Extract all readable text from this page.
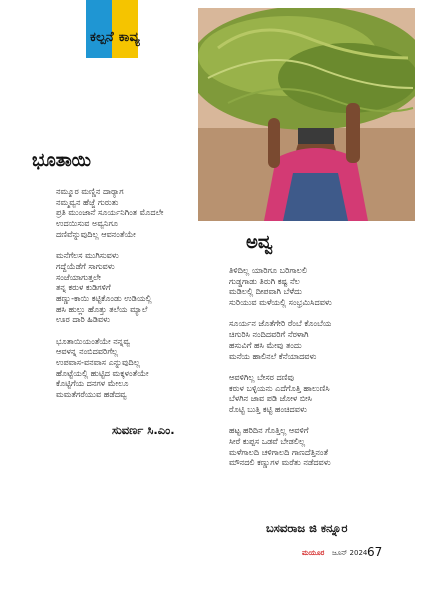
ಕಲ್ಪನೆ ಕಾವ್ಯ
ಭೂತಾಯಿ
ನಮ್ಮೂರ ಮಣ್ಣಿನ ದಾರ್‍ಯಾಗ
ನಮ್ಮವ್ವನ ಹೆಜ್ಜೆ ಗುರುತು
ಪ್ರತಿ ಮುಂಜಾನೆ ಸೂರ್ಯನಿಗಿಂತ ಮೊದಲೇ
ಉದಯಿಸುವ ಅವ್ವನಿಗೂ
ದಣಿವೆನ್ನುವುದಿಲ್ಲ ಆವನಂತೆಯೇ
ಮನೆಗೆಲಸ ಮುಗಿಸುವಳು
ಗದ್ದೆಯೆಡೆಗೆ ಸಾಗುವಳು
ಸಂಜೆಯಾಗುತ್ತಲೇ
ತನ್ನ ಕರುಳ ಕುಡಿಗಳಿಗೆ
ಹಣ್ಣು-ಕಾಯಿ ಕಟ್ಟಿಕೊಂಡು ಉಡಿಯಲ್ಲಿ
ಹಸಿ ಹುಲ್ಲು ಹೊತ್ತು ತಲೆಯ ಮ್ಯಾಲೆ
ಊರ ದಾರಿ ಹಿಡಿವಳು
ಭೂತಾಯಿಯಂತೆಯೇ ನನ್ನವ್ವ
ಆವಳನ್ನ ನಂಬಿದವರಿಗೆಲ್ಲ
ಉಪವಾಸ-ವನವಾಸ ಎನ್ನುವುದಿಲ್ಲ
ಹೊಟ್ಟೆಯಲ್ಲಿ ಹುಟ್ಟಿದ ಮಕ್ಕಳಂತೆಯೇ
ಕೊಟ್ಟಿಗೆಯ ದನಗಳ ಮೇಲೂ
ಮಮತೆಗರೆಯುವ ಹಡೆದವ್ವ
ಸುವರ್ಣ ಸಿ.ಎಂ.
ಅವ್ವ
ತಿಳಿದಿಲ್ಲ ಯಾರಿಗೂ ಬರಿಗಾಲಲಿ
ಗುಡ್ಡಗಾಡು ತಿರುಗಿ ಕಷ್ಟ ನೆಲ
ಮಡಿಲಲ್ಲಿ ದೀಪವಾಗಿ ಬೆಳೆದು
ಸುರಿಯುವ ಮಳೆಯಲ್ಲಿ ಸಂಭ್ರಮಿಸಿದವಳು
ಸೂರ್ಯನ ಜೊತೆಗೇರಿ ರೆಂಬೆ ಕೊಂಬೆಯ
ಚಿಗುರಿಸಿ ನಂದಿದವರಿಗೆ ನೆರಳಾಗಿ
ಹಸುವಿಗೆ ಹಸಿ ಮೇವು ತಂದು
ಮನೆಯ ಹಾಲಿನಲೆ ಕೆನೆಯಾದವಳು
ಆವಳಿಗಿಲ್ಲ ಬೇಸರ ದಣಿವು
ಕರುಳ ಬಳ್ಳಿಯನು ಎದೆಗೊತ್ತಿ ಹಾಲುಣಿಸಿ
ಬೆಳಗಿನ ಜಾವ ಪಡಿ ಜೋಳ ಬೀಸಿ
ರೊಟ್ಟಿ ಬುತ್ತಿ ಕಟ್ಟಿ ಹಂಚಿದವಳು
ಹಟ್ಟ ಹರಿದಿನ ಗೊತ್ತಿಲ್ಲ ಆವಳಿಗೆ
ಸೀರೆ ಕುಪ್ಪಸ ಒಡವೆ ಬೇಡಲಿಲ್ಲ
ಮಳೆಗಾಲದಿ ಚಳಿಗಾಲದಿ ಗಾಣದೆತ್ತಿನಂತೆ
ಮೌನದಲಿ ಕಣ್ಣುಗಳ ಮರೆತು ನಡೆದವಳು
ಬಸವರಾಜ ಜಿ ಕನ್ನೂರ
ಮಯೂರ ಜೂನ್ 2024 67
